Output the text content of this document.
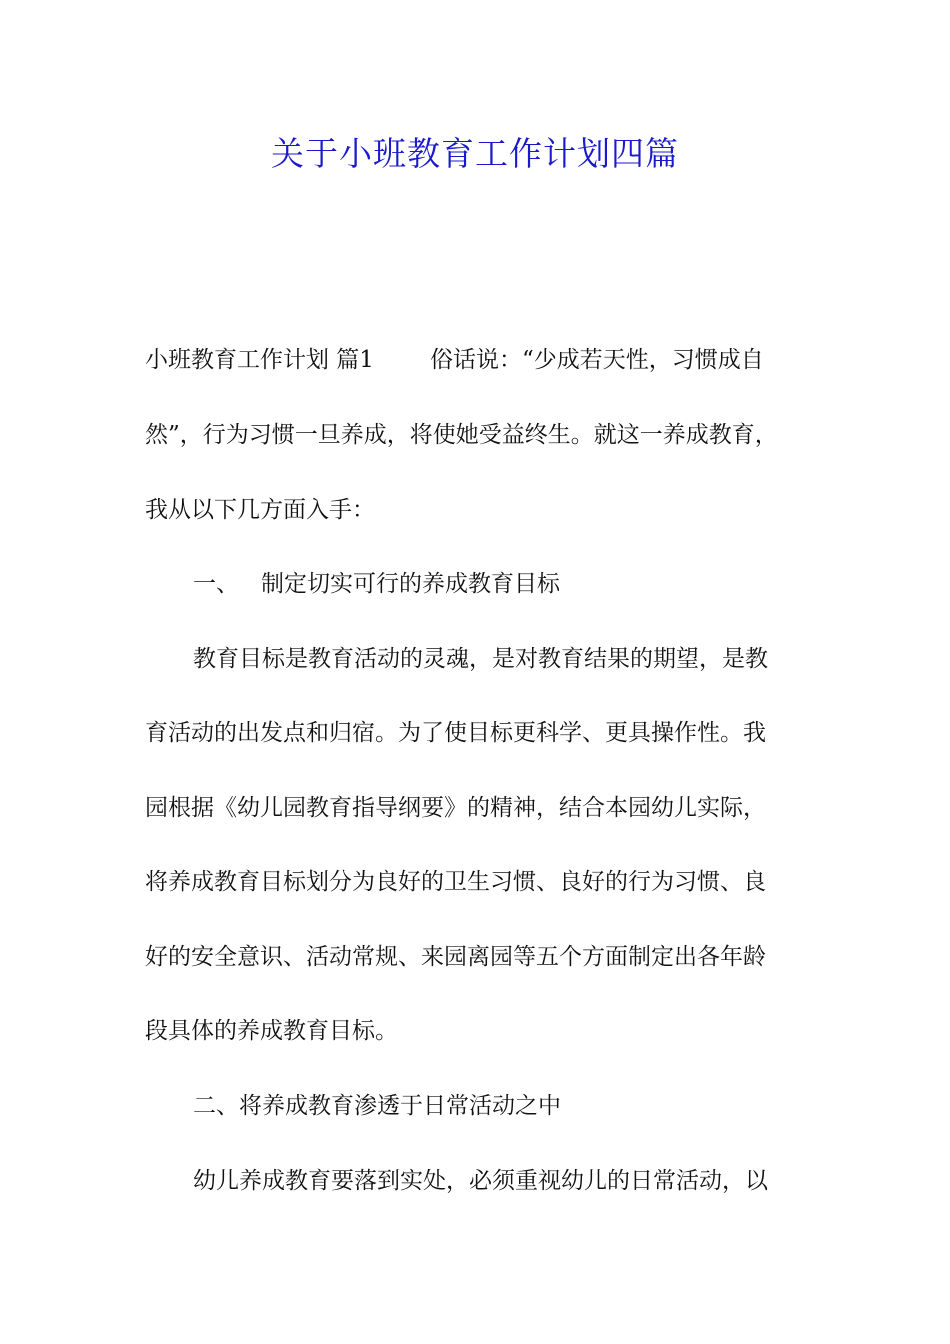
关于小班教育工作计划四篇
小班教育工作计划 篇1 俗话说：“少成若天性，习惯成自
然”，行为习惯一旦养成，将使她受益终生。就这一养成教育，
我从以下几方面入手：
一、 制定切实可行的养成教育目标
教育目标是教育活动的灵魂，是对教育结果的期望，是教
育活动的出发点和归宿。为了使目标更科学、更具操作性。我
园根据《幼儿园教育指导纲要》的精神，结合本园幼儿实际，
将养成教育目标划分为良好的卫生习惯、良好的行为习惯、良
好的安全意识、活动常规、来园离园等五个方面制定出各年龄
段具体的养成教育目标。
二、将养成教育渗透于日常活动之中
幼儿养成教育要落到实处，必须重视幼儿的日常活动，以
